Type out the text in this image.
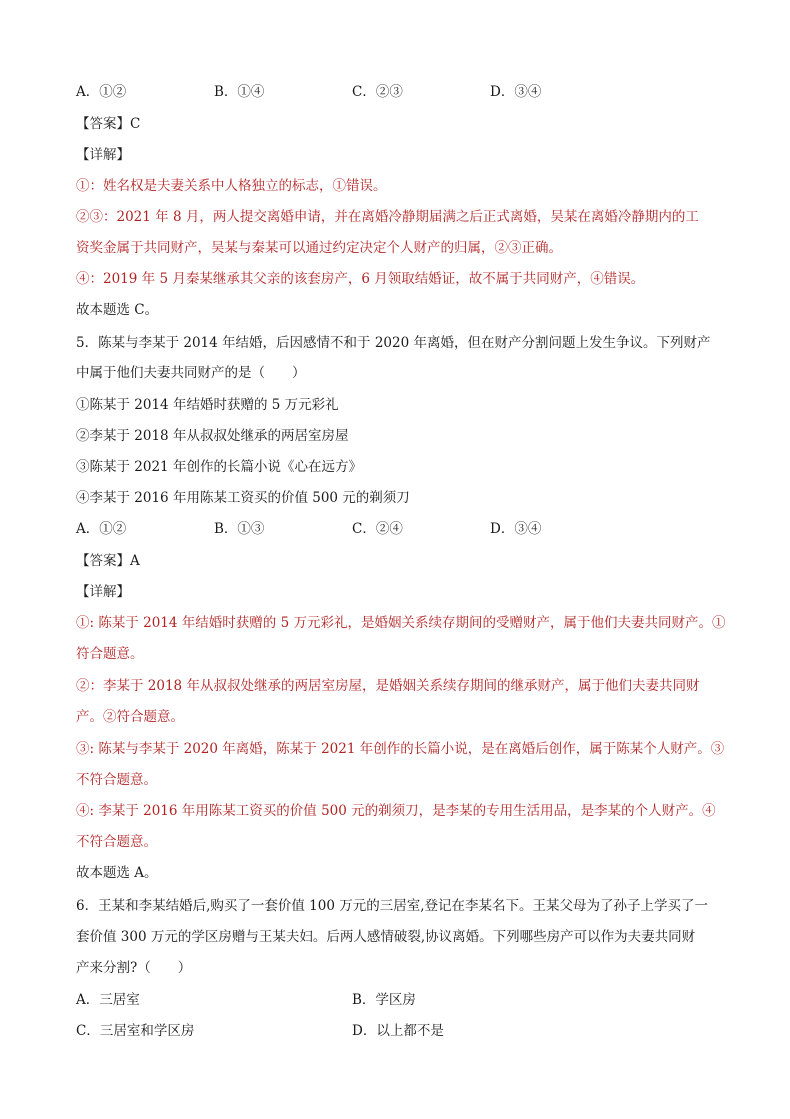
A．①②	B．①④	C．②③	D．③④
【答案】C
【详解】
①：姓名权是夫妻关系中人格独立的标志，①错误。
②③：2021 年 8 月，两人提交离婚申请，并在离婚冷静期届满之后正式离婚，吴某在离婚冷静期内的工
资奖金属于共同财产，吴某与秦某可以通过约定决定个人财产的归属，②③正确。
④：2019 年 5 月秦某继承其父亲的该套房产，6 月领取结婚证，故不属于共同财产，④错误。
故本题选 C。
5．陈某与李某于 2014 年结婚，后因感情不和于 2020 年离婚，但在财产分割问题上发生争议。下列财产
中属于他们夫妻共同财产的是（　　）
①陈某于 2014 年结婚时获赠的 5 万元彩礼
②李某于 2018 年从叔叔处继承的两居室房屋
③陈某于 2021 年创作的长篇小说《心在远方》
④李某于 2016 年用陈某工资买的价值 500 元的剃须刀
A．①②	B．①③	C．②④	D．③④
【答案】A
【详解】
①: 陈某于 2014 年结婚时获赠的 5 万元彩礼，是婚姻关系续存期间的受赠财产，属于他们夫妻共同财产。①
符合题意。
②：李某于 2018 年从叔叔处继承的两居室房屋，是婚姻关系续存期间的继承财产，属于他们夫妻共同财
产。②符合题意。
③: 陈某与李某于 2020 年离婚，陈某于 2021 年创作的长篇小说，是在离婚后创作，属于陈某个人财产。③
不符合题意。
④: 李某于 2016 年用陈某工资买的价值 500 元的剃须刀，是李某的专用生活用品，是李某的个人财产。④
不符合题意。
故本题选 A。
6．王某和李某结婚后,购买了一套价值 100 万元的三居室,登记在李某名下。王某父母为了孙子上学买了一
套价值 300 万元的学区房赠与王某夫妇。后两人感情破裂,协议离婚。下列哪些房产可以作为夫妻共同财
产来分割?（　　）
A．三居室	B．学区房
C．三居室和学区房	D．以上都不是
